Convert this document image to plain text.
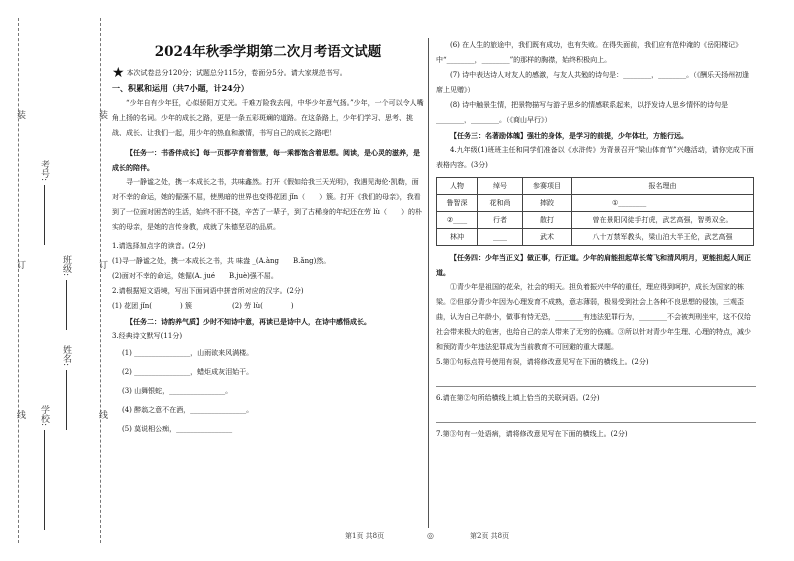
装
订
线
装
订
线
学校:
考号:
姓名:
班级:
2024年秋季学期第二次月考语文试题

★ 本次试卷总分120分；试题总分115分，卷面分5分。请大家规范书写。

一、积累和运用（共7小题，计24分）

“少年自有少年狂，心似骄阳万丈光。千难万险我去闯，中华少年意气扬。”少年，一个可以令人嘴角上扬的名词。少年的成长之路，更是一条五彩斑斓的道路。在这条路上，少年们学习、思考、挑战、成长、让我们一起，用少年的热血和激情，书写自己的成长之路吧！

【任务一：书香伴成长】每一页都孕育着智慧，每一乘都饱含着思想。阅读，是心灵的滋养，是成长的陪伴。

寻一静谧之处，携一本成长之书，共味鑫然。打开《假如给我三天光明》，我遇见海伦·凯勒，面对不幸的命运，她的倔强不屈，使黑暗的世界也变得花团 jǐn（　　）簇。打开《我们的母亲》，我看到了一位面对困苦的生活，始终不肝不挠，辛苦了一辈子，到了古稀身的年纪还在劳 lù（　　）的朴实的母亲，是她的言传身教，成就了朱德坚忍的品质。

1.请选择加点字的读音。(2分)

(1)寻一静谧之处，携一本成长之书，共 味盎 _(A.àng　　B.ǎng)然。

(2)面对不幸的命运，她倔(A. jué　　B.juè)强不屈。

2.请根据短文语境，写出下面词语中拼音所对应的汉字。(2分)

(1) 花团 jǐn(　　　　) 簇	(2) 劳 lù(　　　　)

【任务二：诗韵养气质】少时不知诗中意，再读已是诗中人，在诗中感悟成长。

3.经典诗文默写(11分)

(1) ________________，山雨欲来风满楼。

(2) ________________，蜡炬成灰泪始干。

(3) 山舞银蛇，________________。

(4) 醉翁之意不在酒，________________。

(5) 莫说相公痴，________________

(6) 在人生的旅途中，我们既有成功，也有失败。在得失面前，我们应有范仲淹的《岳阳楼记》中“________，________”的那样的胸襟，始终积极向上。

(7) 诗中表达诗人对友人的感激，与友人共勉的诗句是：________，________。（《酬乐天扬州初逢席上见赠》）

(8) 诗中触景生情，把景物描写与游子思乡的情感联系起来，以抒发诗人思乡情怀的诗句是________，________。（《商山早行》）

【任务三：名著励体魄】强壮的身体，是学习的前提，少年体壮，方能行远。

4.九年级(1)班班主任和同学们准备以《水浒传》为背景召开“梁山体育节”兴趣活动，请你完成下面表格内容。(3分)

人物	绰号	参赛项目	报名理由
鲁智深	花和尚	摔跤	①________
②____	行者	散打	曾在景阳冈徒手打虎，武艺高强，智勇双全。
林冲	____	武术	八十万禁军教头，梁山泊大半王伦，武艺高强

【任务四：少年当正义】做正事，行正道。少年的肩能担起草长莺飞和清风明月，更能担起人间正道。

①青少年是祖国的花朵，社会的明天。担负着振兴中华的重任，理应得到呵护，成长为国家的栋梁。②但部分青少年因为心理发育不成熟，意志薄弱，极易受到社会上各种不良思想的侵蚀，三观歪曲，认为自己年龄小，做事有恃无恐，________有违法犯罪行为，________不会被判刑坐牢，这不仅给社会带来极大的危害，也给自己的亲人带来了无穷的伤痛。③所以针对青少年生理、心理的特点，减少和预防青少年违法犯罪成为当前教育不可回避的重大课题。

5.第①句标点符号使用有误，请将修改意见写在下面的横线上。(2分)

6.请在第②句所给横线上填上恰当的关联词语。(2分)

7.第③句有一处语病，请将修改意见写在下面的横线上。(2分)

第1页 共8页	◎	第2页 共8页
